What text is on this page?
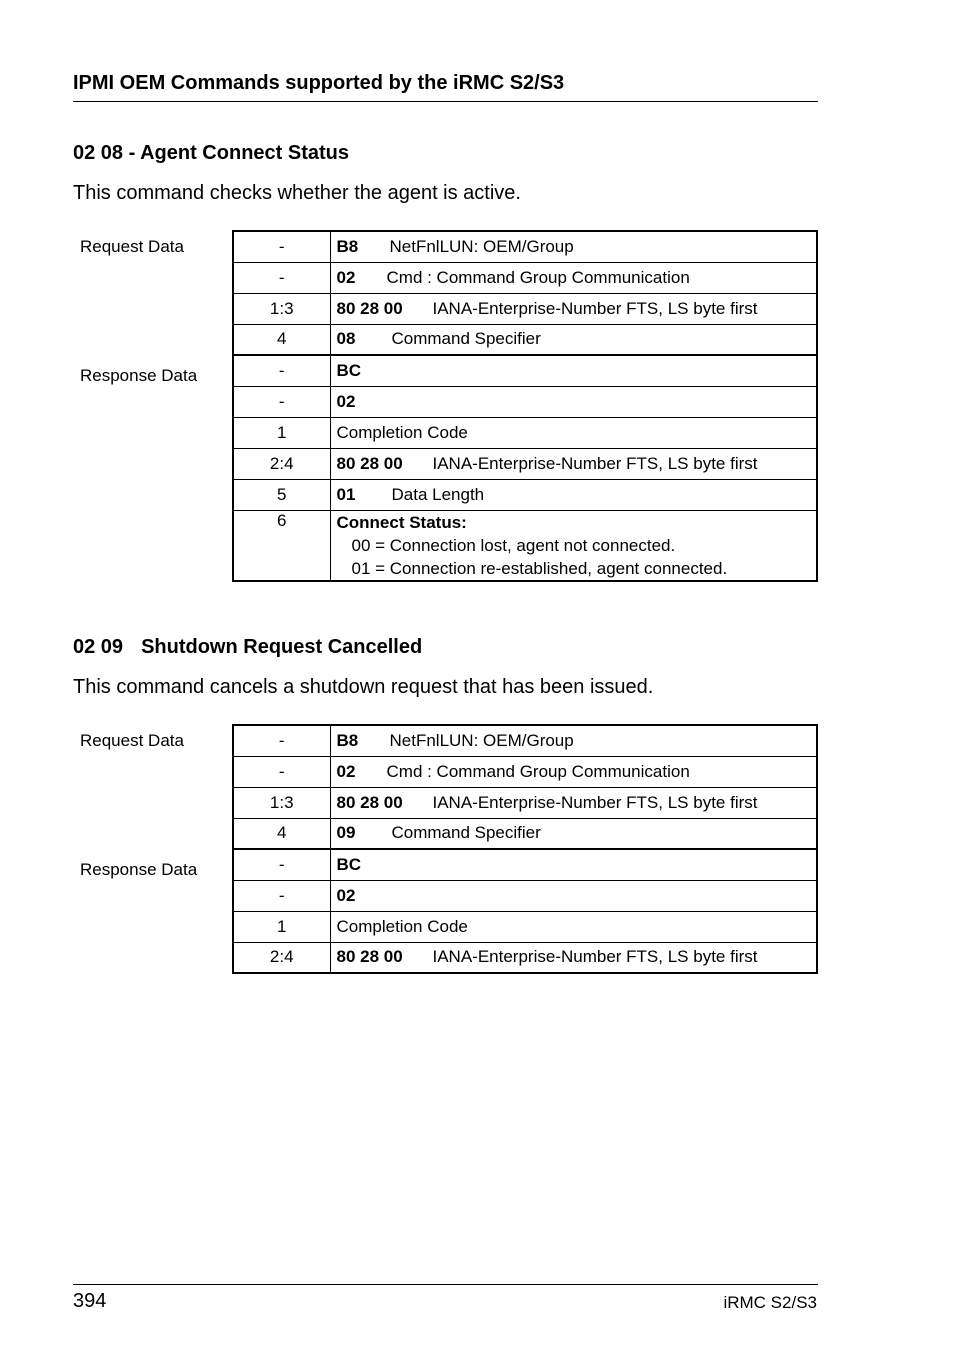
IPMI OEM Commands supported by the iRMC S2/S3
02 08 - Agent Connect Status
This command checks whether the agent is active.
Request Data
Response Data
-	B8 NetFnlLUN: OEM/Group
-	02 Cmd : Command Group Communication
1:3	80 28 00 IANA-Enterprise-Number FTS, LS byte first
4	08 Command Specifier
-	BC
-	02
1	Completion Code
2:4	80 28 00 IANA-Enterprise-Number FTS, LS byte first
5	01 Data Length
6	Connect Status:
00 = Connection lost, agent not connected.
01 = Connection re-established, agent connected.
02 09 Shutdown Request Cancelled
This command cancels a shutdown request that has been issued.
Request Data
Response Data
-	B8 NetFnlLUN: OEM/Group
-	02 Cmd : Command Group Communication
1:3	80 28 00 IANA-Enterprise-Number FTS, LS byte first
4	09 Command Specifier
-	BC
-	02
1	Completion Code
2:4	80 28 00 IANA-Enterprise-Number FTS, LS byte first
394	iRMC S2/S3
